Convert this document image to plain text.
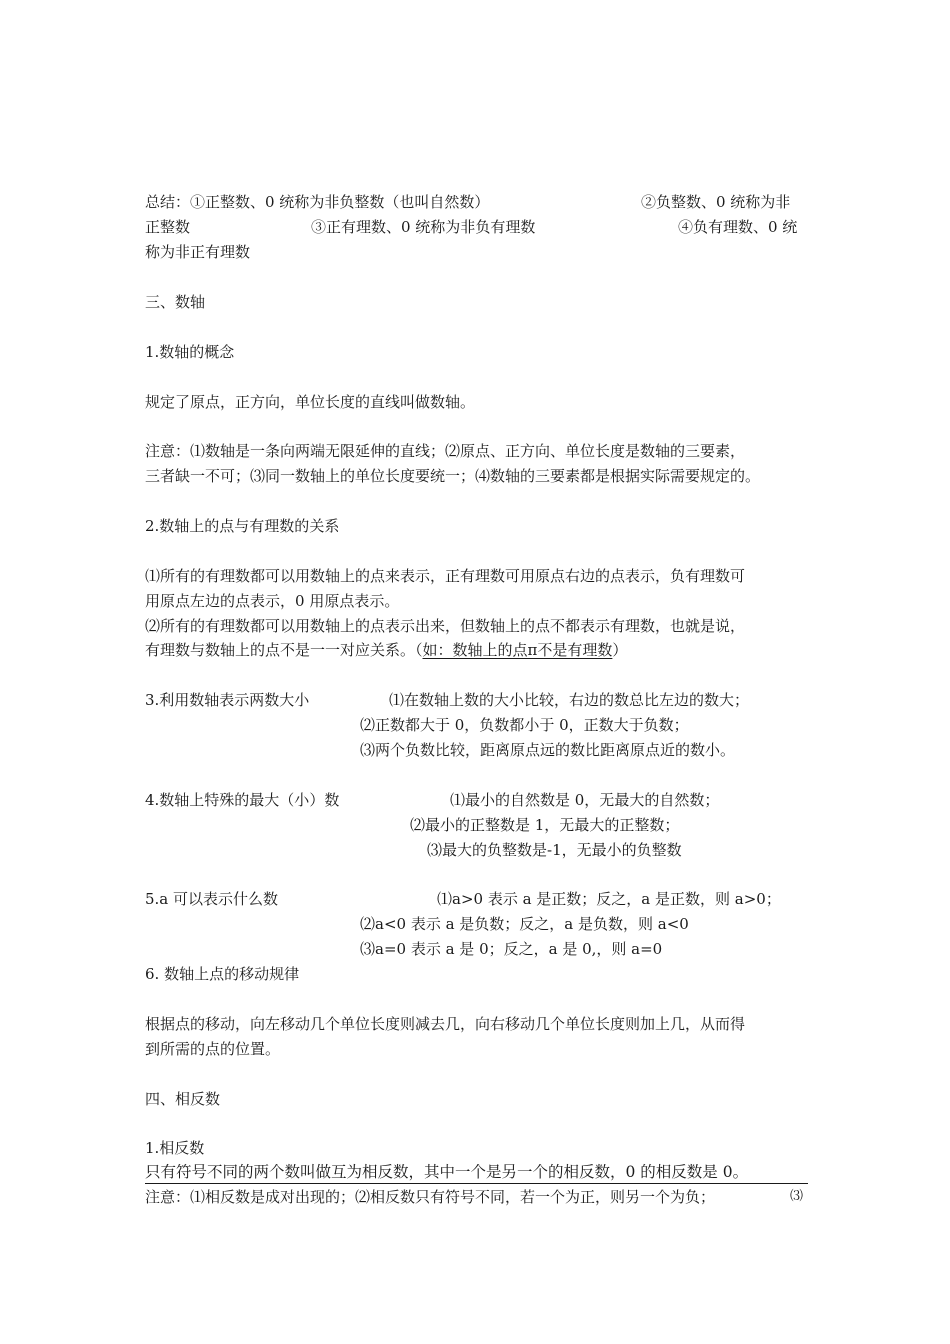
总结：①正整数、0 统称为非负整数（也叫自然数）	②负整数、0 统称为非
正整数	③正有理数、0 统称为非负有理数	④负有理数、0 统
称为非正有理数
三、数轴
1.数轴的概念
规定了原点，正方向，单位长度的直线叫做数轴。
注意：⑴数轴是一条向两端无限延伸的直线；⑵原点、正方向、单位长度是数轴的三要素，
三者缺一不可；⑶同一数轴上的单位长度要统一；⑷数轴的三要素都是根据实际需要规定的。
2.数轴上的点与有理数的关系
⑴所有的有理数都可以用数轴上的点来表示，正有理数可用原点右边的点表示，负有理数可
用原点左边的点表示，0 用原点表示。
⑵所有的有理数都可以用数轴上的点表示出来，但数轴上的点不都表示有理数，也就是说，
有理数与数轴上的点不是一一对应关系。（如：数轴上的点π不是有理数）
3.利用数轴表示两数大小	⑴在数轴上数的大小比较，右边的数总比左边的数大；
⑵正数都大于 0，负数都小于 0，正数大于负数；
⑶两个负数比较，距离原点远的数比距离原点近的数小。
4.数轴上特殊的最大（小）数	⑴最小的自然数是 0，无最大的自然数；
⑵最小的正整数是 1，无最大的正整数；
⑶最大的负整数是-1，无最小的负整数
5.a 可以表示什么数	⑴a>0 表示 a 是正数；反之，a 是正数，则 a>0；
⑵a<0 表示 a 是负数；反之，a 是负数，则 a<0
⑶a=0 表示 a 是 0；反之，a 是 0,，则 a=0
6. 数轴上点的移动规律
根据点的移动，向左移动几个单位长度则减去几，向右移动几个单位长度则加上几，从而得
到所需的点的位置。
四、相反数
1.相反数
只有符号不同的两个数叫做互为相反数，其中一个是另一个的相反数，0 的相反数是 0。
注意：⑴相反数是成对出现的；⑵相反数只有符号不同，若一个为正，则另一个为负；	⑶
